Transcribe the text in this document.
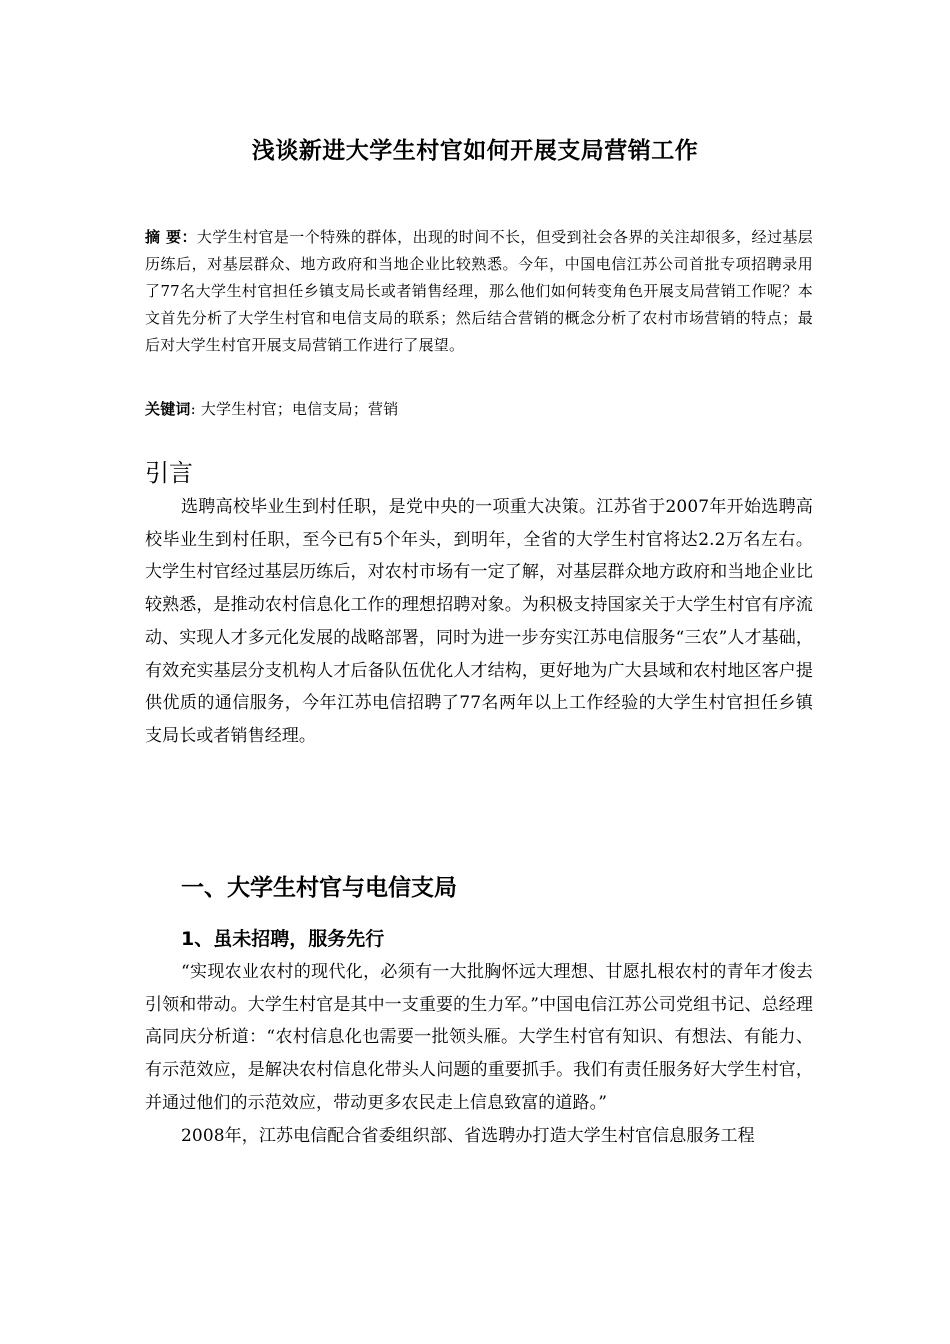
浅谈新进大学生村官如何开展支局营销工作
摘 要：大学生村官是一个特殊的群体，出现的时间不长，但受到社会各界的关注却很多，经过基层历练后，对基层群众、地方政府和当地企业比较熟悉。今年，中国电信江苏公司首批专项招聘录用了77名大学生村官担任乡镇支局长或者销售经理，那么他们如何转变角色开展支局营销工作呢？本文首先分析了大学生村官和电信支局的联系；然后结合营销的概念分析了农村市场营销的特点；最后对大学生村官开展支局营销工作进行了展望。
关键词: 大学生村官；电信支局；营销
引言

选聘高校毕业生到村任职，是党中央的一项重大决策。江苏省于2007年开始选聘高校毕业生到村任职，至今已有5个年头，到明年，全省的大学生村官将达2.2万名左右。大学生村官经过基层历练后，对农村市场有一定了解，对基层群众地方政府和当地企业比较熟悉，是推动农村信息化工作的理想招聘对象。为积极支持国家关于大学生村官有序流动、实现人才多元化发展的战略部署，同时为进一步夯实江苏电信服务“三农”人才基础，有效充实基层分支机构人才后备队伍优化人才结构，更好地为广大县域和农村地区客户提供优质的通信服务，今年江苏电信招聘了77名两年以上工作经验的大学生村官担任乡镇支局长或者销售经理。

一、大学生村官与电信支局
1、虽未招聘，服务先行

“实现农业农村的现代化，必须有一大批胸怀远大理想、甘愿扎根农村的青年才俊去引领和带动。大学生村官是其中一支重要的生力军。”中国电信江苏公司党组书记、总经理高同庆分析道：“农村信息化也需要一批领头雁。大学生村官有知识、有想法、有能力、有示范效应，是解决农村信息化带头人问题的重要抓手。我们有责任服务好大学生村官，并通过他们的示范效应，带动更多农民走上信息致富的道路。”

2008年，江苏电信配合省委组织部、省选聘办打造大学生村官信息服务工程
